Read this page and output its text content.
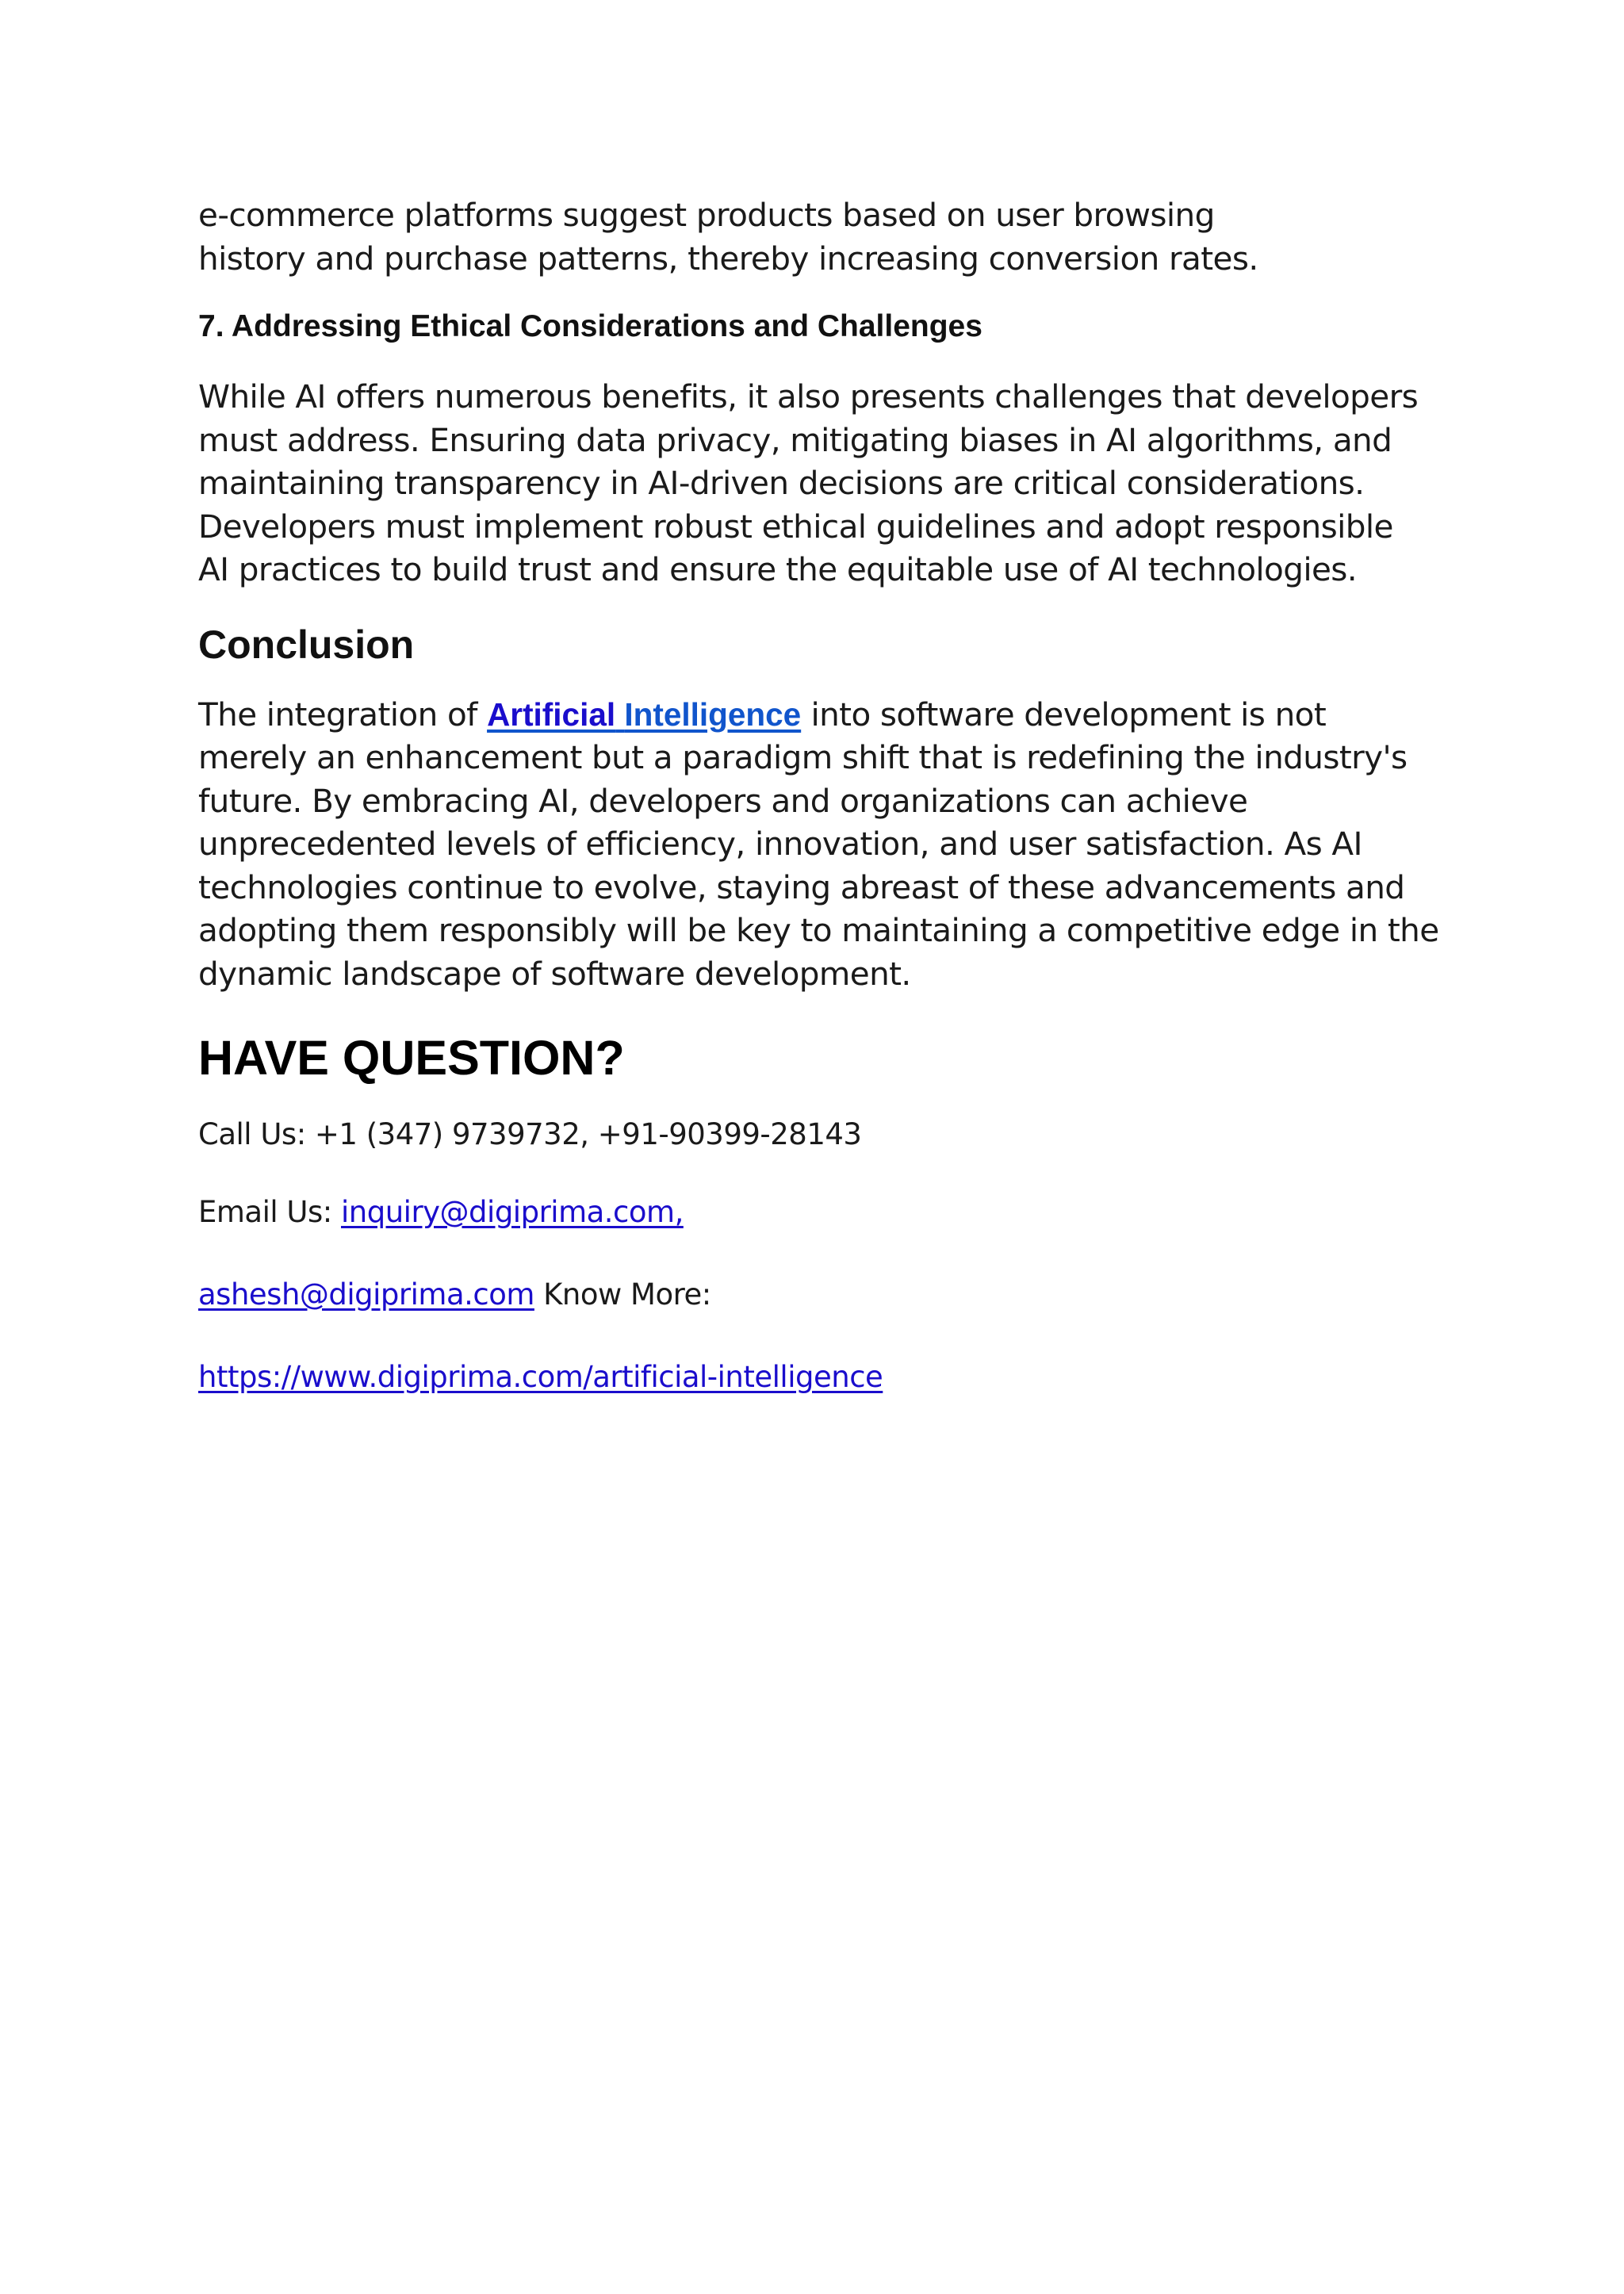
e-commerce platforms suggest products based on user browsing
history and purchase patterns, thereby increasing conversion rates.

7. Addressing Ethical Considerations and Challenges

While AI offers numerous benefits, it also presents challenges that developers
must address. Ensuring data privacy, mitigating biases in AI algorithms, and
maintaining transparency in AI-driven decisions are critical considerations.
Developers must implement robust ethical guidelines and adopt responsible
AI practices to build trust and ensure the equitable use of AI technologies.

Conclusion

The integration of Artificial Intelligence into software development is not
merely an enhancement but a paradigm shift that is redefining the industry's
future. By embracing AI, developers and organizations can achieve
unprecedented levels of efficiency, innovation, and user satisfaction. As AI
technologies continue to evolve, staying abreast of these advancements and
adopting them responsibly will be key to maintaining a competitive edge in the
dynamic landscape of software development.

HAVE QUESTION?

Call Us: +1 (347) 9739732, +91-90399-28143

Email Us: inquiry@digiprima.com,

ashesh@digiprima.com Know More:

https://www.digiprima.com/artificial-intelligence
